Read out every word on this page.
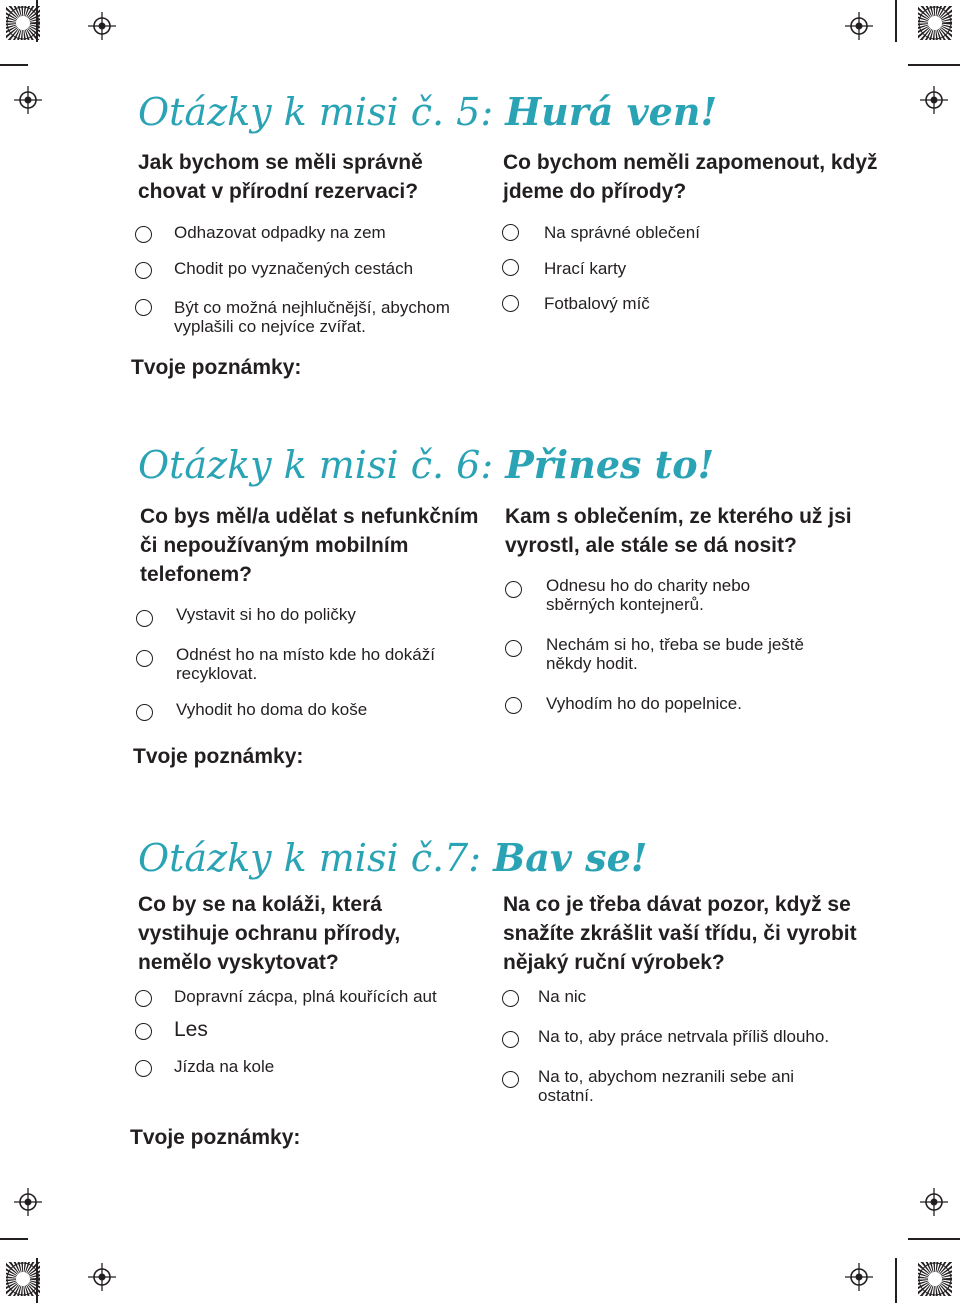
Otázky k misi č. 5: Hurá ven!
Jak bychom se měli správně chovat v přírodní rezervaci?
Odhazovat odpadky na zem
Chodit po vyznačených cestách
Být co možná nejhlučnější, abychom
vyplašili co nejvíce zvířat.
Co bychom neměli zapomenout, když jdeme do přírody?
Na správné oblečení
Hrací karty
Fotbalový míč
Tvoje poznámky:
Otázky k misi č. 6: Přines to!
Co bys měl/a udělat s nefunkčním či nepoužívaným mobilním telefonem?
Vystavit si ho do poličky
Odnést ho na místo kde ho dokáží
recyklovat.
Vyhodit ho doma do koše
Kam s oblečením, ze kterého už jsi vyrostl, ale stále se dá nosit?
Odnesu ho do charity nebo
sběrných kontejnerů.
Nechám si ho, třeba se bude ještě
někdy hodit.
Vyhodím ho do popelnice.
Tvoje poznámky:
Otázky k misi č.7: Bav se!
Co by se na koláži, která vystihuje ochranu přírody, nemělo vyskytovat?
Dopravní zácpa, plná kouřících aut
Les
Jízda na kole
Na co je třeba dávat pozor, když se snažíte zkrášlit vaší třídu, či vyrobit nějaký ruční výrobek?
Na nic
Na to, aby práce netrvala příliš dlouho.
Na to, abychom nezranili sebe ani
ostatní.
Tvoje poznámky:
